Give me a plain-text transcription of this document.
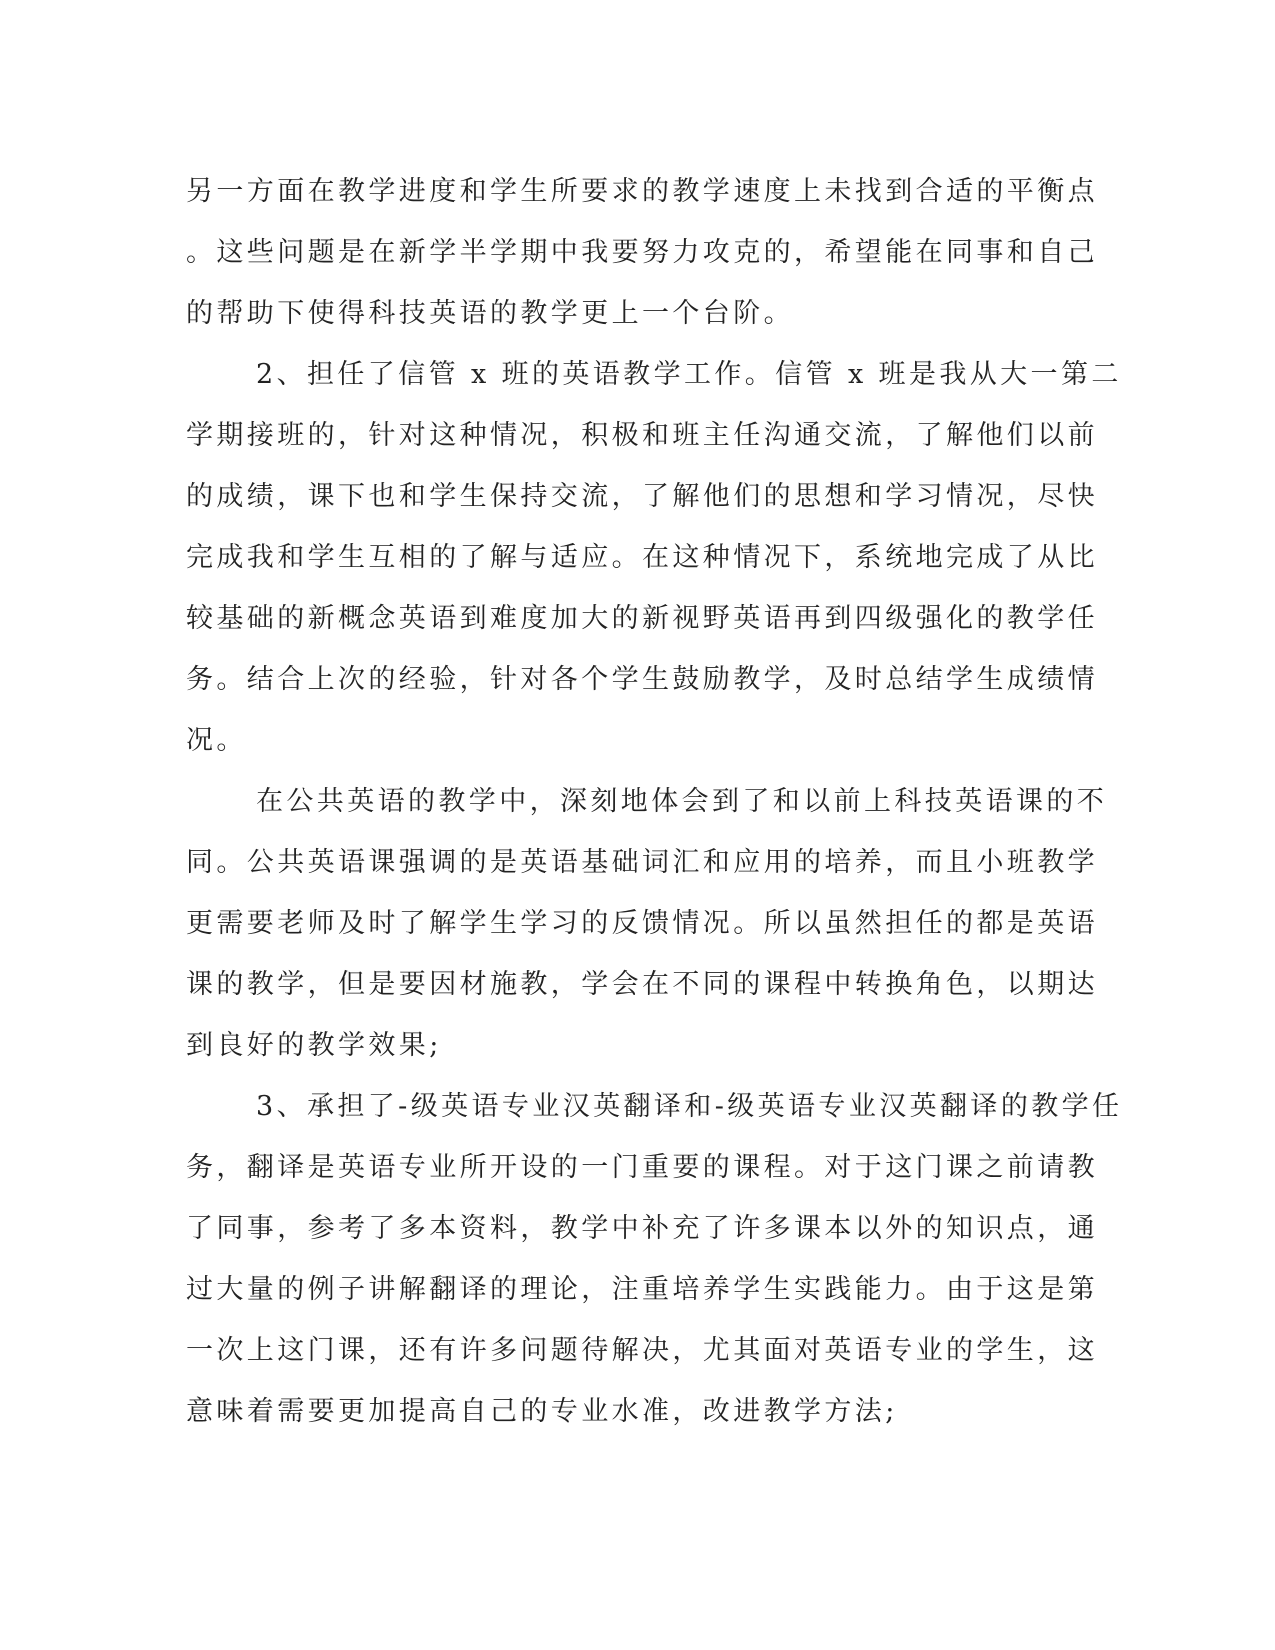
另一方面在教学进度和学生所要求的教学速度上未找到合适的平衡点
。这些问题是在新学半学期中我要努力攻克的，希望能在同事和自己
的帮助下使得科技英语的教学更上一个台阶。
2、担任了信管 x 班的英语教学工作。信管 x 班是我从大一第二
学期接班的，针对这种情况，积极和班主任沟通交流，了解他们以前
的成绩，课下也和学生保持交流，了解他们的思想和学习情况，尽快
完成我和学生互相的了解与适应。在这种情况下，系统地完成了从比
较基础的新概念英语到难度加大的新视野英语再到四级强化的教学任
务。结合上次的经验，针对各个学生鼓励教学，及时总结学生成绩情
况。
在公共英语的教学中，深刻地体会到了和以前上科技英语课的不
同。公共英语课强调的是英语基础词汇和应用的培养，而且小班教学
更需要老师及时了解学生学习的反馈情况。所以虽然担任的都是英语
课的教学，但是要因材施教，学会在不同的课程中转换角色，以期达
到良好的教学效果;
3、承担了-级英语专业汉英翻译和-级英语专业汉英翻译的教学任
务，翻译是英语专业所开设的一门重要的课程。对于这门课之前请教
了同事，参考了多本资料，教学中补充了许多课本以外的知识点，通
过大量的例子讲解翻译的理论，注重培养学生实践能力。由于这是第
一次上这门课，还有许多问题待解决，尤其面对英语专业的学生，这
意味着需要更加提高自己的专业水准，改进教学方法;
